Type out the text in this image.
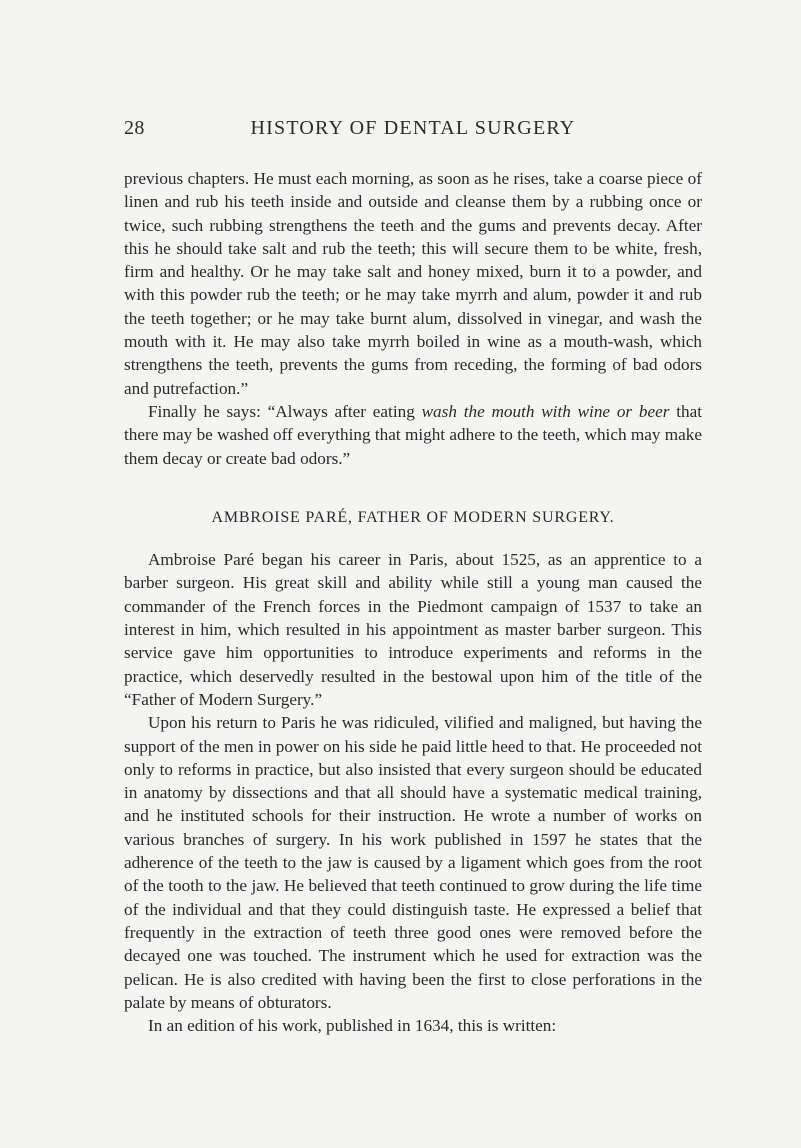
28	HISTORY OF DENTAL SURGERY

previous chapters. He must each morning, as soon as he rises, take a coarse piece of linen and rub his teeth inside and outside and cleanse them by a rubbing once or twice, such rubbing strengthens the teeth and the gums and prevents decay. After this he should take salt and rub the teeth; this will secure them to be white, fresh, firm and healthy. Or he may take salt and honey mixed, burn it to a powder, and with this powder rub the teeth; or he may take myrrh and alum, powder it and rub the teeth together; or he may take burnt alum, dissolved in vinegar, and wash the mouth with it. He may also take myrrh boiled in wine as a mouth-wash, which strengthens the teeth, prevents the gums from receding, the forming of bad odors and putrefaction.”

Finally he says: “Always after eating wash the mouth with wine or beer that there may be washed off everything that might adhere to the teeth, which may make them decay or create bad odors.”

AMBROISE PARÉ, FATHER OF MODERN SURGERY.

Ambroise Paré began his career in Paris, about 1525, as an apprentice to a barber surgeon. His great skill and ability while still a young man caused the commander of the French forces in the Piedmont campaign of 1537 to take an interest in him, which resulted in his appointment as master barber surgeon. This service gave him opportunities to introduce experiments and reforms in the practice, which deservedly resulted in the bestowal upon him of the title of the “Father of Modern Surgery.”

Upon his return to Paris he was ridiculed, vilified and maligned, but having the support of the men in power on his side he paid little heed to that. He proceeded not only to reforms in practice, but also insisted that every surgeon should be educated in anatomy by dissections and that all should have a systematic medical training, and he instituted schools for their instruction. He wrote a number of works on various branches of surgery. In his work published in 1597 he states that the adherence of the teeth to the jaw is caused by a ligament which goes from the root of the tooth to the jaw. He believed that teeth continued to grow during the life time of the individual and that they could distinguish taste. He expressed a belief that frequently in the extraction of teeth three good ones were removed before the decayed one was touched. The instrument which he used for extraction was the pelican. He is also credited with having been the first to close perforations in the palate by means of obturators.

In an edition of his work, published in 1634, this is written:
